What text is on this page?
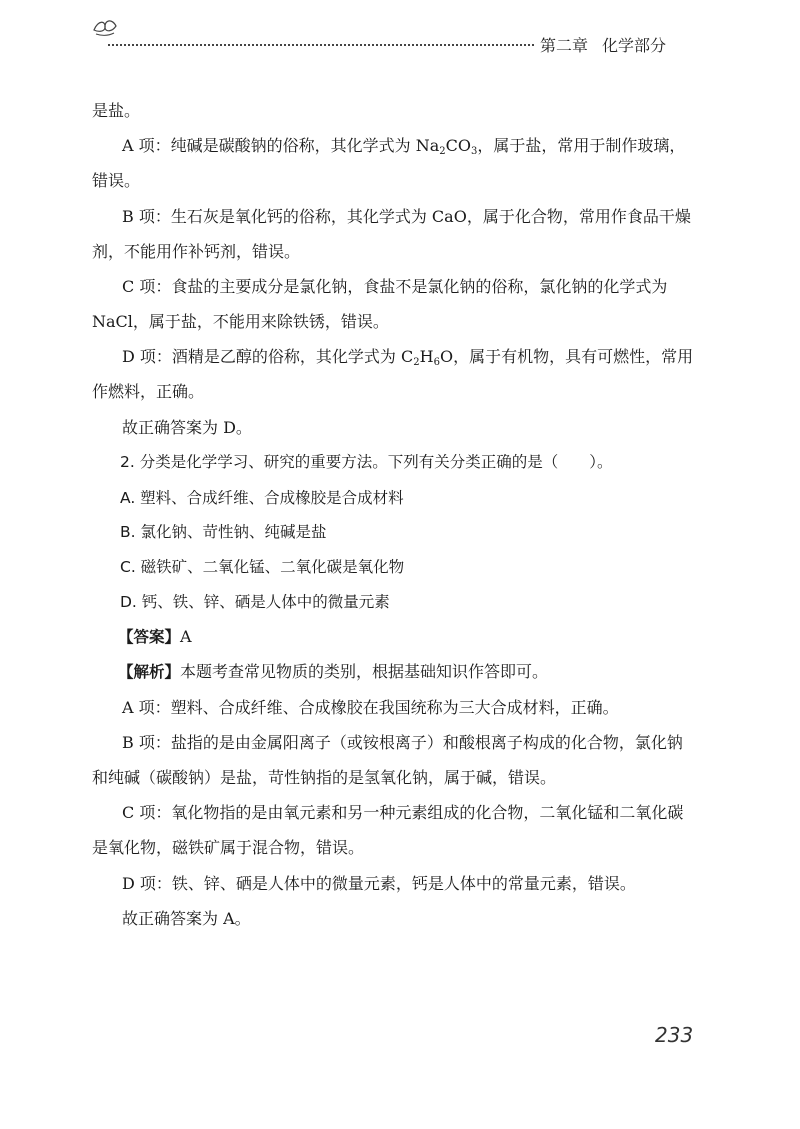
第二章 化学部分
是盐。
A 项：纯碱是碳酸钠的俗称，其化学式为 $Na_2CO_3$，属于盐，常用于制作玻璃，
错误。
B 项：生石灰是氧化钙的俗称，其化学式为 CaO，属于化合物，常用作食品干燥
剂，不能用作补钙剂，错误。
C 项：食盐的主要成分是氯化钠，食盐不是氯化钠的俗称，氯化钠的化学式为
NaCl，属于盐，不能用来除铁锈，错误。
D 项：酒精是乙醇的俗称，其化学式为 $C_2H_6O$，属于有机物，具有可燃性，常用
作燃料，正确。
故正确答案为 D。
2. 分类是化学学习、研究的重要方法。下列有关分类正确的是（　　）。
A. 塑料、合成纤维、合成橡胶是合成材料
B. 氯化钠、苛性钠、纯碱是盐
C. 磁铁矿、二氧化锰、二氧化碳是氧化物
D. 钙、铁、锌、硒是人体中的微量元素
【答案】A
【解析】本题考查常见物质的类别，根据基础知识作答即可。
A 项：塑料、合成纤维、合成橡胶在我国统称为三大合成材料，正确。
B 项：盐指的是由金属阳离子（或铵根离子）和酸根离子构成的化合物，氯化钠
和纯碱（碳酸钠）是盐，苛性钠指的是氢氧化钠，属于碱，错误。
C 项：氧化物指的是由氧元素和另一种元素组成的化合物，二氧化锰和二氧化碳
是氧化物，磁铁矿属于混合物，错误。
D 项：铁、锌、硒是人体中的微量元素，钙是人体中的常量元素，错误。
故正确答案为 A。
233
